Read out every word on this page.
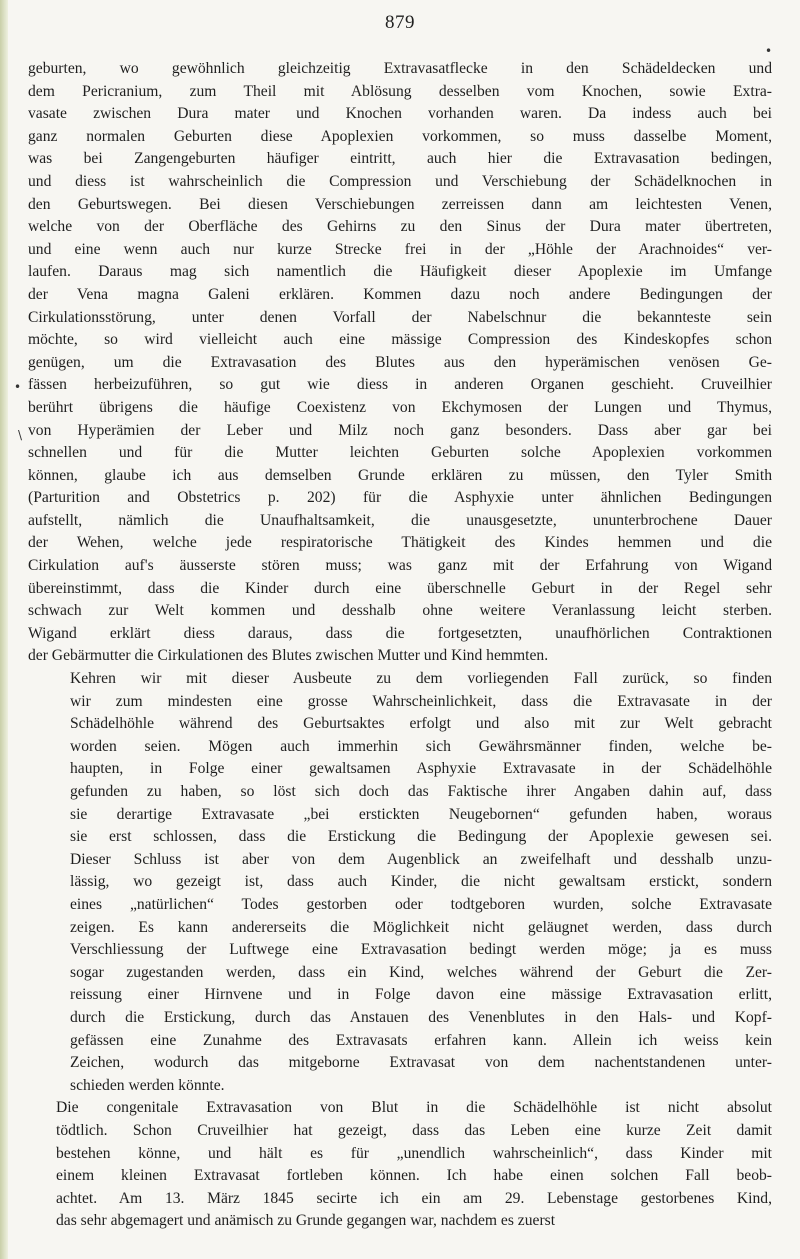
879
•
•
\

geburten, wo gewöhnlich gleichzeitig Extravasatflecke in den Schädeldecken und
dem Pericranium, zum Theil mit Ablösung desselben vom Knochen, sowie Extra-
vasate zwischen Dura mater und Knochen vorhanden waren. Da indess auch bei
ganz normalen Geburten diese Apoplexien vorkommen, so muss dasselbe Moment,
was bei Zangengeburten häufiger eintritt, auch hier die Extravasation bedingen,
und diess ist wahrscheinlich die Compression und Verschiebung der Schädelknochen in
den Geburtswegen. Bei diesen Verschiebungen zerreissen dann am leichtesten Venen,
welche von der Oberfläche des Gehirns zu den Sinus der Dura mater übertreten,
und eine wenn auch nur kurze Strecke frei in der „Höhle der Arachnoides“ ver-
laufen. Daraus mag sich namentlich die Häufigkeit dieser Apoplexie im Umfange
der Vena magna Galeni erklären. Kommen dazu noch andere Bedingungen der
Cirkulationsstörung, unter denen Vorfall der Nabelschnur die bekannteste sein
möchte, so wird vielleicht auch eine mässige Compression des Kindeskopfes schon
genügen, um die Extravasation des Blutes aus den hyperämischen venösen Ge-
fässen herbeizuführen, so gut wie diess in anderen Organen geschieht. Cruveilhier
berührt übrigens die häufige Coexistenz von Ekchymosen der Lungen und Thymus,
von Hyperämien der Leber und Milz noch ganz besonders. Dass aber gar bei
schnellen und für die Mutter leichten Geburten solche Apoplexien vorkommen
können, glaube ich aus demselben Grunde erklären zu müssen, den Tyler Smith
(Parturition and Obstetrics p. 202) für die Asphyxie unter ähnlichen Bedingungen
aufstellt, nämlich die Unaufhaltsamkeit, die unausgesetzte, ununterbrochene Dauer
der Wehen, welche jede respiratorische Thätigkeit des Kindes hemmen und die
Cirkulation auf's äusserste stören muss; was ganz mit der Erfahrung von Wigand
übereinstimmt, dass die Kinder durch eine überschnelle Geburt in der Regel sehr
schwach zur Welt kommen und desshalb ohne weitere Veranlassung leicht sterben.
Wigand erklärt diess daraus, dass die fortgesetzten, unaufhörlichen Contraktionen
der Gebärmutter die Cirkulationen des Blutes zwischen Mutter und Kind hemmten.

Kehren wir mit dieser Ausbeute zu dem vorliegenden Fall zurück, so finden
wir zum mindesten eine grosse Wahrscheinlichkeit, dass die Extravasate in der
Schädelhöhle während des Geburtsaktes erfolgt und also mit zur Welt gebracht
worden seien. Mögen auch immerhin sich Gewährsmänner finden, welche be-
haupten, in Folge einer gewaltsamen Asphyxie Extravasate in der Schädelhöhle
gefunden zu haben, so löst sich doch das Faktische ihrer Angaben dahin auf, dass
sie derartige Extravasate „bei erstickten Neugebornen“ gefunden haben, woraus
sie erst schlossen, dass die Erstickung die Bedingung der Apoplexie gewesen sei.
Dieser Schluss ist aber von dem Augenblick an zweifelhaft und desshalb unzu-
lässig, wo gezeigt ist, dass auch Kinder, die nicht gewaltsam erstickt, sondern
eines „natürlichen“ Todes gestorben oder todtgeboren wurden, solche Extravasate
zeigen. Es kann andererseits die Möglichkeit nicht geläugnet werden, dass durch
Verschliessung der Luftwege eine Extravasation bedingt werden möge; ja es muss
sogar zugestanden werden, dass ein Kind, welches während der Geburt die Zer-
reissung einer Hirnvene und in Folge davon eine mässige Extravasation erlitt,
durch die Erstickung, durch das Anstauen des Venenblutes in den Hals- und Kopf-
gefässen eine Zunahme des Extravasats erfahren kann. Allein ich weiss kein
Zeichen, wodurch das mitgeborne Extravasat von dem nachentstandenen unter-
schieden werden könnte.

Die congenitale Extravasation von Blut in die Schädelhöhle ist nicht absolut
tödtlich. Schon Cruveilhier hat gezeigt, dass das Leben eine kurze Zeit damit
bestehen könne, und hält es für „unendlich wahrscheinlich“, dass Kinder mit
einem kleinen Extravasat fortleben können. Ich habe einen solchen Fall beob-
achtet. Am 13. März 1845 secirte ich ein am 29. Lebenstage gestorbenes Kind,
das sehr abgemagert und anämisch zu Grunde gegangen war, nachdem es zuerst
